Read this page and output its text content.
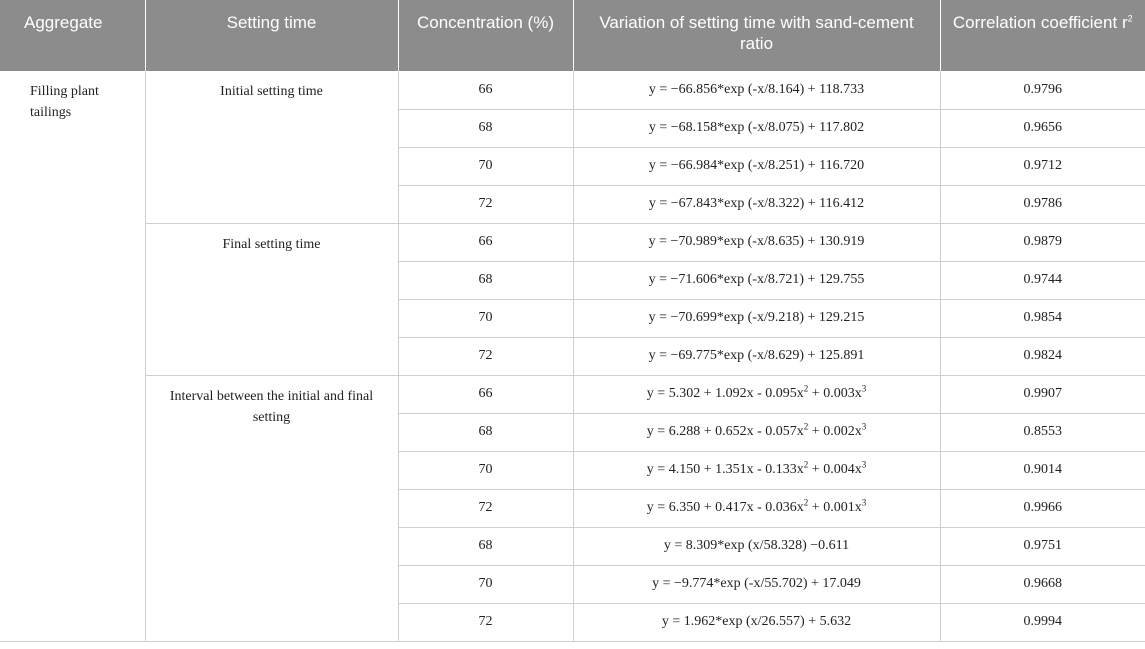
Aggregate	Setting time	Concentration (%)	Variation of setting time with sand-cement ratio	Correlation coefficient $r^2$
Filling plant tailings	Initial setting time	66	y = −66.856*exp (-x/8.164) + 118.733	0.9796
		68	y = −68.158*exp (-x/8.075) + 117.802	0.9656
		70	y = −66.984*exp (-x/8.251) + 116.720	0.9712
		72	y = −67.843*exp (-x/8.322) + 116.412	0.9786
	Final setting time	66	y = −70.989*exp (-x/8.635) + 130.919	0.9879
		68	y = −71.606*exp (-x/8.721) + 129.755	0.9744
		70	y = −70.699*exp (-x/9.218) + 129.215	0.9854
		72	y = −69.775*exp (-x/8.629) + 125.891	0.9824
	Interval between the initial and final setting	66	$y = 5.302 + 1.092x - 0.095x^2 + 0.003x^3$	0.9907
		68	$y = 6.288 + 0.652x - 0.057x^2 + 0.002x^3$	0.8553
		70	$y = 4.150 + 1.351x - 0.133x^2 + 0.004x^3$	0.9014
		72	$y = 6.350 + 0.417x - 0.036x^2 + 0.001x^3$	0.9966
		68	y = 8.309*exp (x/58.328) −0.611	0.9751
		70	y = −9.774*exp (-x/55.702) + 17.049	0.9668
		72	y = 1.962*exp (x/26.557) + 5.632	0.9994
